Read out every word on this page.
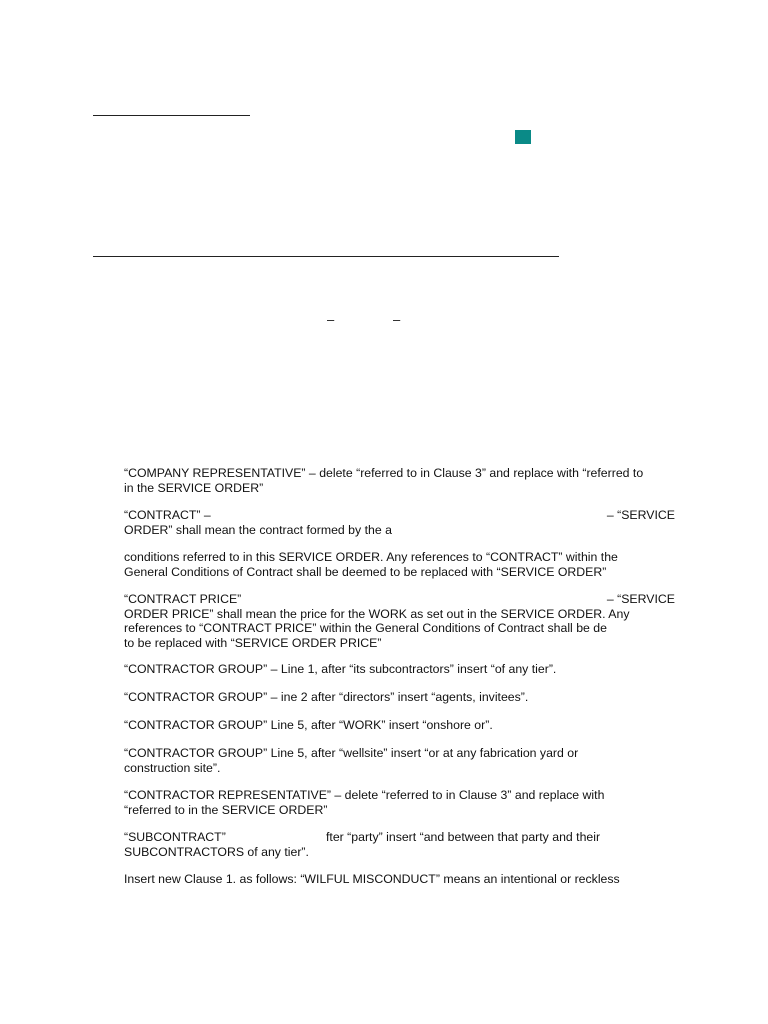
–	–
“COMPANY REPRESENTATIVE” – delete “referred to in Clause 3” and replace with “referred to
in the SERVICE ORDER”
“CONTRACT” –	– “SERVICE
ORDER” shall mean the contract formed by the a
conditions referred to in this SERVICE ORDER. Any references to “CONTRACT” within the
General Conditions of Contract shall be deemed to be replaced with “SERVICE ORDER”
“CONTRACT PRICE”	– “SERVICE
ORDER PRICE” shall mean the price for the WORK as set out in the SERVICE ORDER. Any
references to “CONTRACT PRICE” within the General Conditions of Contract shall be de
to be replaced with “SERVICE ORDER PRICE”
“CONTRACTOR GROUP” – Line 1, after “its subcontractors” insert “of any tier”.
“CONTRACTOR GROUP” – ine 2 after “directors” insert “agents, invitees”.
“CONTRACTOR GROUP” Line 5, after “WORK” insert “onshore or”.
“CONTRACTOR GROUP” Line 5, after “wellsite” insert “or at any fabrication yard or
construction site”.
“CONTRACTOR REPRESENTATIVE” – delete “referred to in Clause 3” and replace with
“referred to in the SERVICE ORDER”
“SUBCONTRACT”	fter “party” insert “and between that party and their
SUBCONTRACTORS of any tier”.
Insert new Clause 1. as follows: “WILFUL MISCONDUCT” means an intentional or reckless
